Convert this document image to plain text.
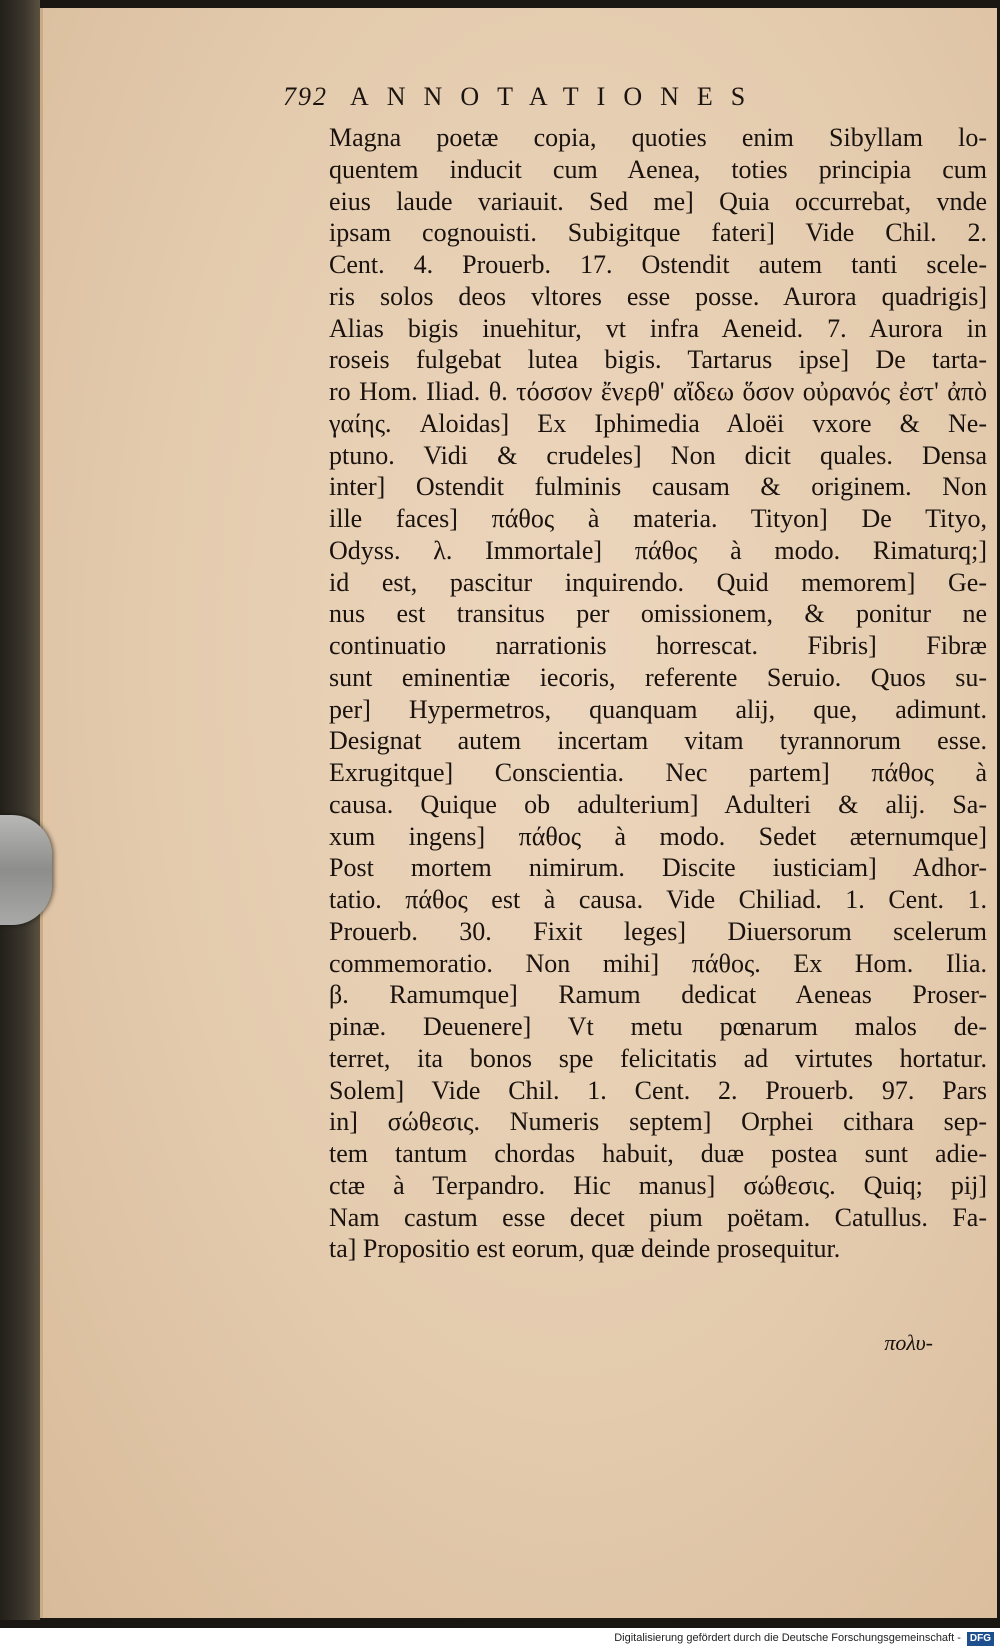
792 ANNOTATIONES
Magna poetæ copia, quoties enim Sibyllam lo-
quentem inducit cum Aenea, toties principia cum
eius laude variauit. Sed me] Quia occurrebat, vnde
ipsam cognouisti. Subigitque fateri] Vide Chil. 2.
Cent. 4. Prouerb. 17. Ostendit autem tanti scele-
ris solos deos vltores esse posse. Aurora quadrigis]
Alias bigis inuehitur, vt infra Aeneid. 7. Aurora in
roseis fulgebat lutea bigis. Tartarus ipse] De tarta-
ro Hom. Iliad. θ. τόσσον ἔνερθ' αἴδεω ὅσον οὐρανός ἐστ' ἀπὸ
γαίης. Aloidas] Ex Iphimedia Aloëi vxore & Ne-
ptuno. Vidi & crudeles] Non dicit quales. Densa
inter] Ostendit fulminis causam & originem. Non
ille faces] πάθος à materia. Tityon] De Tityo,
Odyss. λ. Immortale] πάθος à modo. Rimaturq;]
id est, pascitur inquirendo. Quid memorem] Ge-
nus est transitus per omissionem, & ponitur ne
continuatio narrationis horrescat. Fibris] Fibræ
sunt eminentiæ iecoris, referente Seruio. Quos su-
per] Hypermetros, quanquam alij, que, adimunt.
Designat autem incertam vitam tyrannorum esse.
Exrugitque] Conscientia. Nec partem] πάθος à
causa. Quique ob adulterium] Adulteri & alij. Sa-
xum ingens] πάθος à modo. Sedet æternumque]
Post mortem nimirum. Discite iusticiam] Adhor-
tatio. πάθος est à causa. Vide Chiliad. 1. Cent. 1.
Prouerb. 30. Fixit leges] Diuersorum scelerum
commemoratio. Non mihi] πάθος. Ex Hom. Ilia.
β. Ramumque] Ramum dedicat Aeneas Proser-
pinæ. Deuenere] Vt metu pœnarum malos de-
terret, ita bonos spe felicitatis ad virtutes hortatur.
Solem] Vide Chil. 1. Cent. 2. Prouerb. 97. Pars
in] σώθεσις. Numeris septem] Orphei cithara sep-
tem tantum chordas habuit, duæ postea sunt adie-
ctæ à Terpandro. Hic manus] σώθεσις. Quiq; pij]
Nam castum esse decet pium poëtam. Catullus. Fa-
ta] Propositio est eorum, quæ deinde prosequitur.
πολυ-
Digitalisierung gefördert durch die Deutsche Forschungsgemeinschaft - DFG
